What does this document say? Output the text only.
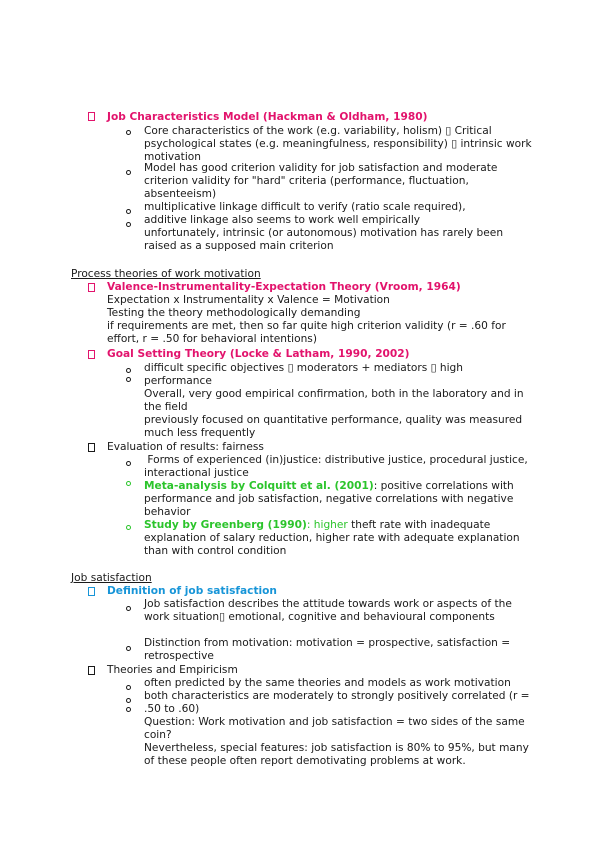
Job Characteristics Model (Hackman & Oldham, 1980)
Core characteristics of the work (e.g. variability, holism) ▯ Critical psychological states (e.g. meaningfulness, responsibility) ▯ intrinsic work motivation
Model has good criterion validity for job satisfaction and moderate criterion validity for "hard" criteria (performance, fluctuation, absenteeism)
multiplicative linkage difficult to verify (ratio scale required),
additive linkage also seems to work well empirically
unfortunately, intrinsic (or autonomous) motivation has rarely been raised as a supposed main criterion
Process theories of work motivation
Valence-Instrumentality-Expectation Theory (Vroom, 1964)
Expectation x Instrumentality x Valence = Motivation
Testing the theory methodologically demanding
if requirements are met, then so far quite high criterion validity (r = .60 for effort, r = .50 for behavioral intentions)
Goal Setting Theory (Locke & Latham, 1990, 2002)
difficult specific objectives ▯ moderators + mediators ▯ high performance
Overall, very good empirical confirmation, both in the laboratory and in the field
previously focused on quantitative performance, quality was measured much less frequently
Evaluation of results: fairness
Forms of experienced (in)justice: distributive justice, procedural justice, interactional justice
Meta-analysis by Colquitt et al. (2001): positive correlations with performance and job satisfaction, negative correlations with negative behavior
Study by Greenberg (1990): higher theft rate with inadequate explanation of salary reduction, higher rate with adequate explanation than with control condition
Job satisfaction
Definition of job satisfaction
Job satisfaction describes the attitude towards work or aspects of the work situation▯ emotional, cognitive and behavioural components
Distinction from motivation: motivation = prospective, satisfaction = retrospective
Theories and Empiricism
often predicted by the same theories and models as work motivation
both characteristics are moderately to strongly positively correlated (r = .50 to .60)
Question: Work motivation and job satisfaction = two sides of the same coin?
Nevertheless, special features: job satisfaction is 80% to 95%, but many of these people often report demotivating problems at work.
